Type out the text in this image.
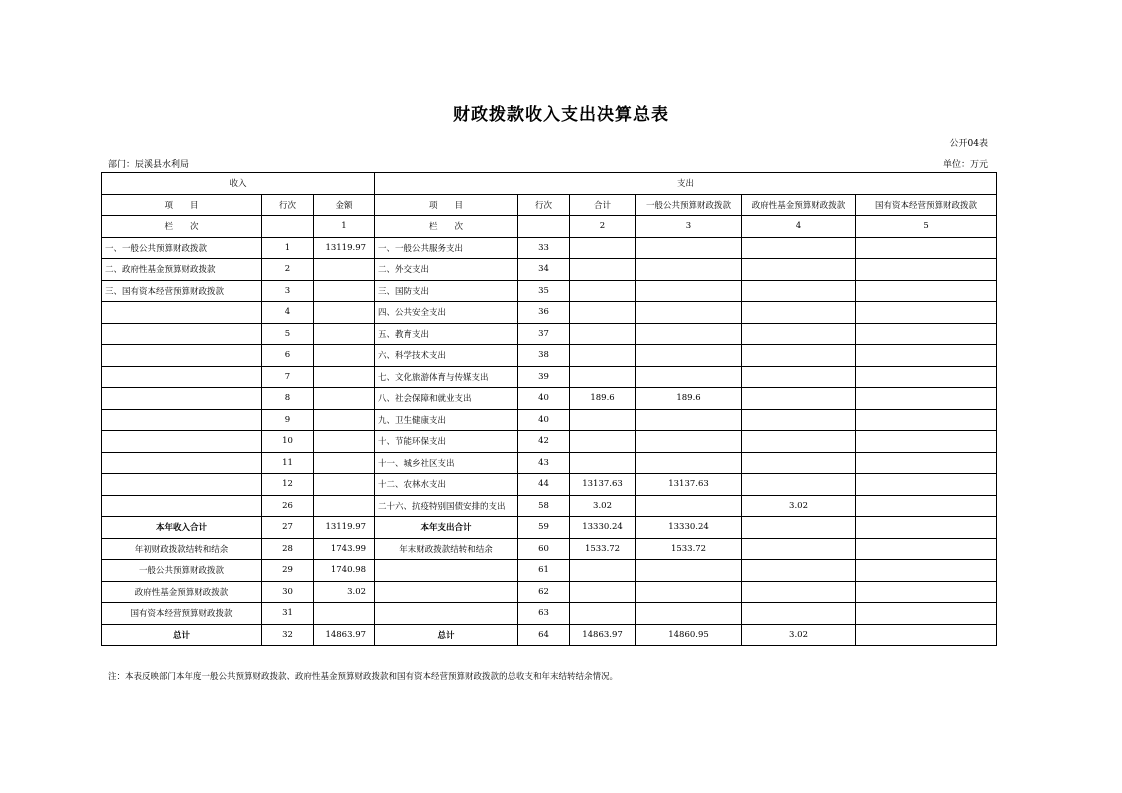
财政拨款收入支出决算总表
公开04表
部门：辰溪县水利局	单位：万元
收入			支出					
项　　目	行次	金额	项　　目	行次	合计	一般公共预算财政拨款	政府性基金预算财政拨款	国有资本经营预算财政拨款
栏　　次		1	栏　　次		2	3	4	5
一、一般公共预算财政拨款	1	13119.97	一、一般公共服务支出	33				
二、政府性基金预算财政拨款	2		二、外交支出	34				
三、国有资本经营预算财政拨款	3		三、国防支出	35				
	4		四、公共安全支出	36				
	5		五、教育支出	37				
	6		六、科学技术支出	38				
	7		七、文化旅游体育与传媒支出	39				
	8		八、社会保障和就业支出	40	189.6	189.6		
	9		九、卫生健康支出	40				
	10		十、节能环保支出	42				
	11		十一、城乡社区支出	43				
	12		十二、农林水支出	44	13137.63	13137.63		
	26		二十六、抗疫特别国债安排的支出	58	3.02		3.02	
本年收入合计	27	13119.97	本年支出合计	59	13330.24	13330.24		
年初财政拨款结转和结余	28	1743.99	年末财政拨款结转和结余	60	1533.72	1533.72		
一般公共预算财政拨款	29	1740.98		61				
政府性基金预算财政拨款	30	3.02		62				
国有资本经营预算财政拨款	31			63				
总计	32	14863.97	总计	64	14863.97	14860.95	3.02	
注：本表反映部门本年度一般公共预算财政拨款、政府性基金预算财政拨款和国有资本经营预算财政拨款的总收支和年末结转结余情况。
